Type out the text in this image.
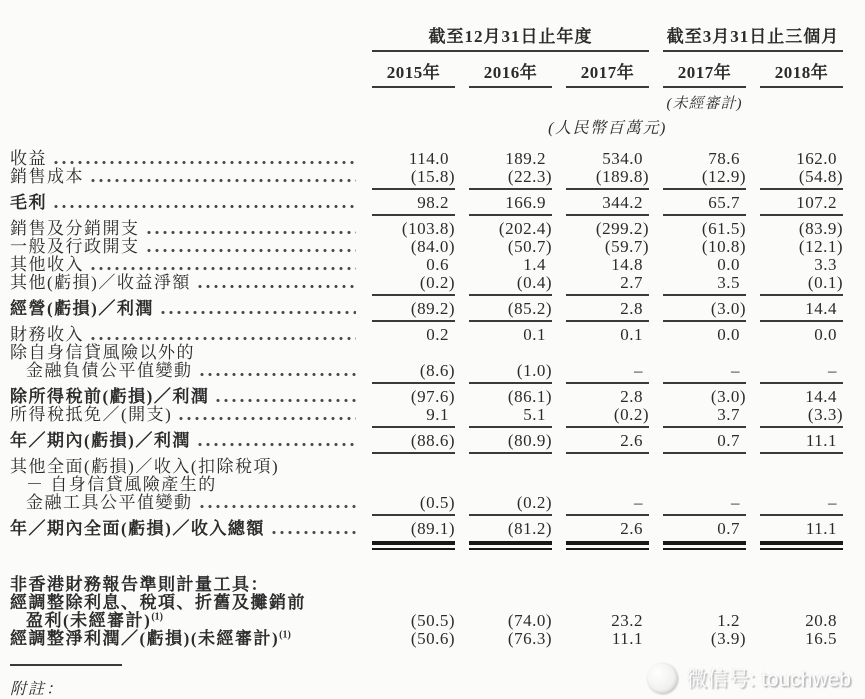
截至12月31日止年度	截至3月31日止三個月
2015年	2016年	2017年	2017年	2018年
(未經審計)
(人民幣百萬元)
收益	114.0	189.2	534.0	78.6	162.0
銷售成本	(15.8)	(22.3)	(189.8)	(12.9)	(54.8)
毛利	98.2	166.9	344.2	65.7	107.2
銷售及分銷開支	(103.8)	(202.4)	(299.2)	(61.5)	(83.9)
一般及行政開支	(84.0)	(50.7)	(59.7)	(10.8)	(12.1)
其他收入	0.6	1.4	14.8	0.0	3.3
其他(虧損)／收益淨額	(0.2)	(0.4)	2.7	3.5	(0.1)
經營(虧損)／利潤	(89.2)	(85.2)	2.8	(3.0)	14.4
財務收入	0.2	0.1	0.1	0.0	0.0
除自身信貸風險以外的
金融負債公平值變動	(8.6)	(1.0)	–	–	–
除所得稅前(虧損)／利潤	(97.6)	(86.1)	2.8	(3.0)	14.4
所得稅抵免／(開支)	9.1	5.1	(0.2)	3.7	(3.3)
年／期內(虧損)／利潤	(88.6)	(80.9)	2.6	0.7	11.1
其他全面(虧損)／收入(扣除稅項)
－ 自身信貸風險產生的
金融工具公平值變動	(0.5)	(0.2)	–	–	–
年／期內全面(虧損)／收入總額	(89.1)	(81.2)	2.6	0.7	11.1
非香港財務報告準則計量工具：
經調整除利息、稅項、折舊及攤銷前
盈利(未經審計)$^{(1)}$	(50.5)	(74.0)	23.2	1.2	20.8
經調整淨利潤／(虧損)(未經審計)$^{(1)}$	(50.6)	(76.3)	11.1	(3.9)	16.5
附註：	微信号: touchweb
